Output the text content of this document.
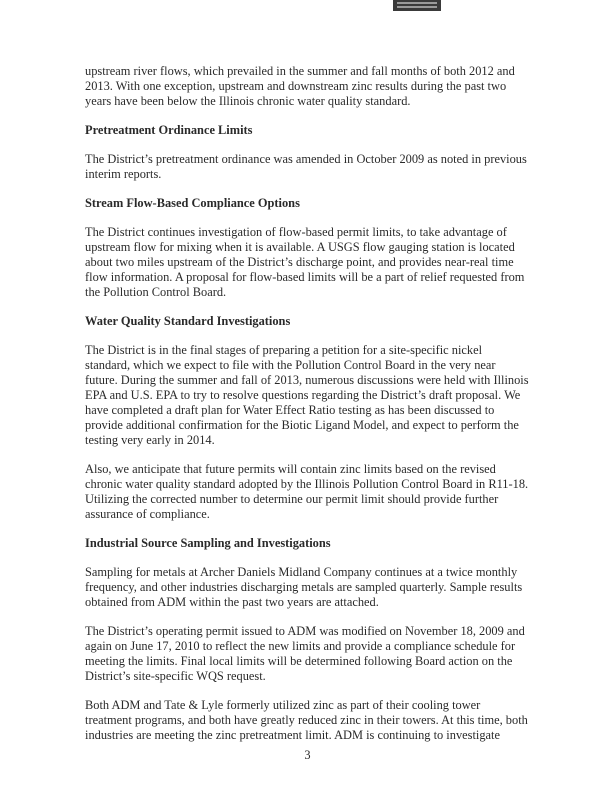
upstream river flows, which prevailed in the summer and fall months of both 2012 and 2013. With one exception, upstream and downstream zinc results during the past two years have been below the Illinois chronic water quality standard.

Pretreatment Ordinance Limits

The District’s pretreatment ordinance was amended in October 2009 as noted in previous interim reports.

Stream Flow-Based Compliance Options

The District continues investigation of flow-based permit limits, to take advantage of upstream flow for mixing when it is available. A USGS flow gauging station is located about two miles upstream of the District’s discharge point, and provides near-real time flow information. A proposal for flow-based limits will be a part of relief requested from the Pollution Control Board.

Water Quality Standard Investigations

The District is in the final stages of preparing a petition for a site-specific nickel standard, which we expect to file with the Pollution Control Board in the very near future. During the summer and fall of 2013, numerous discussions were held with Illinois EPA and U.S. EPA to try to resolve questions regarding the District’s draft proposal. We have completed a draft plan for Water Effect Ratio testing as has been discussed to provide additional confirmation for the Biotic Ligand Model, and expect to perform the testing very early in 2014.

Also, we anticipate that future permits will contain zinc limits based on the revised chronic water quality standard adopted by the Illinois Pollution Control Board in R11-18. Utilizing the corrected number to determine our permit limit should provide further assurance of compliance.

Industrial Source Sampling and Investigations

Sampling for metals at Archer Daniels Midland Company continues at a twice monthly frequency, and other industries discharging metals are sampled quarterly. Sample results obtained from ADM within the past two years are attached.

The District’s operating permit issued to ADM was modified on November 18, 2009 and again on June 17, 2010 to reflect the new limits and provide a compliance schedule for meeting the limits. Final local limits will be determined following Board action on the District’s site-specific WQS request.

Both ADM and Tate & Lyle formerly utilized zinc as part of their cooling tower treatment programs, and both have greatly reduced zinc in their towers. At this time, both industries are meeting the zinc pretreatment limit. ADM is continuing to investigate

3
